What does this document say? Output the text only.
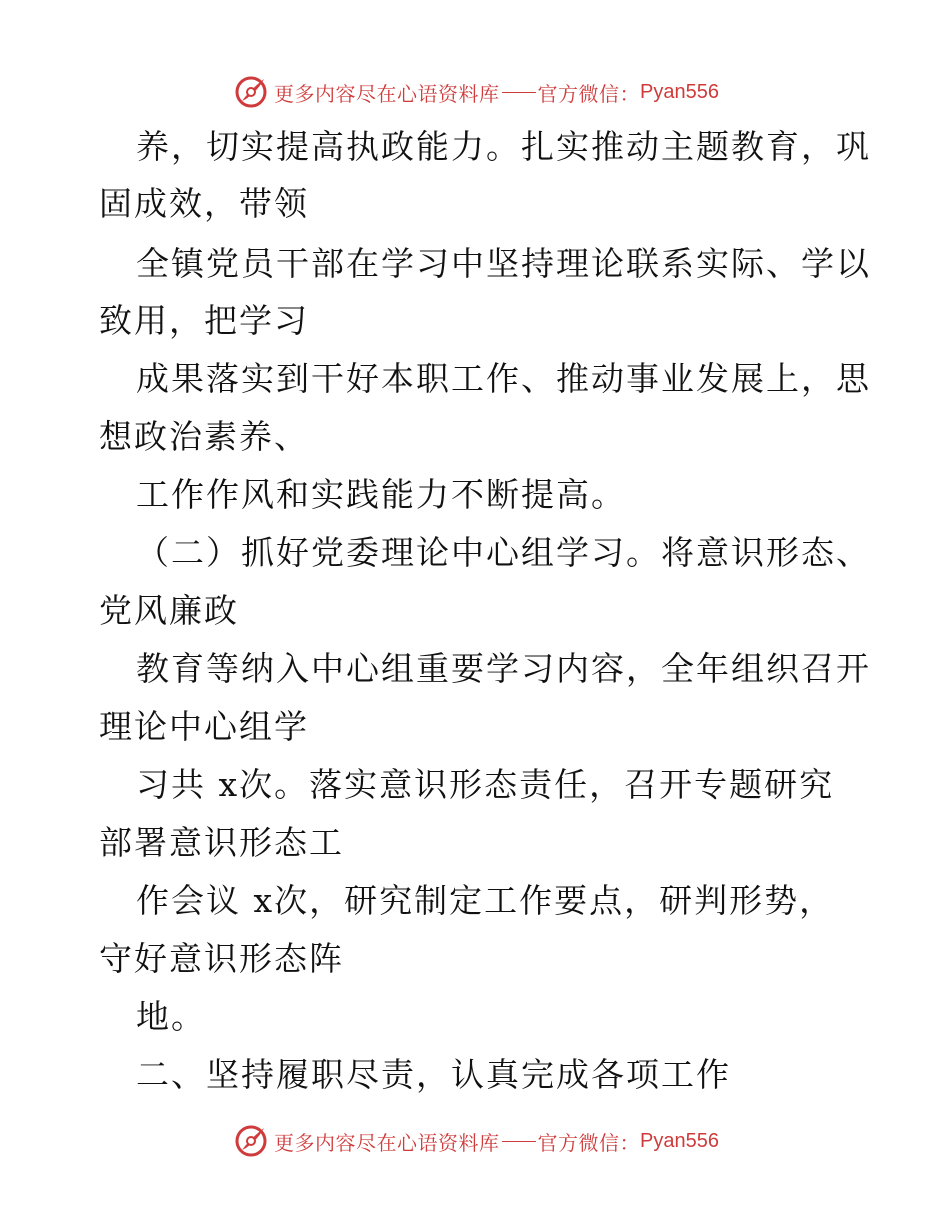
更多内容尽在心语资料库 官方微信： Pyan556
养，切实提高执政能力。扎实推动主题教育，巩
固成效，带领
全镇党员干部在学习中坚持理论联系实际、学以
致用，把学习
成果落实到干好本职工作、推动事业发展上，思
想政治素养、
工作作风和实践能力不断提高。
（二）抓好党委理论中心组学习。将意识形态、
党风廉政
教育等纳入中心组重要学习内容，全年组织召开
理论中心组学
习共 x次。落实意识形态责任，召开专题研究
部署意识形态工
作会议 x次，研究制定工作要点，研判形势，
守好意识形态阵
地。
二、坚持履职尽责，认真完成各项工作
更多内容尽在心语资料库 官方微信： Pyan556
